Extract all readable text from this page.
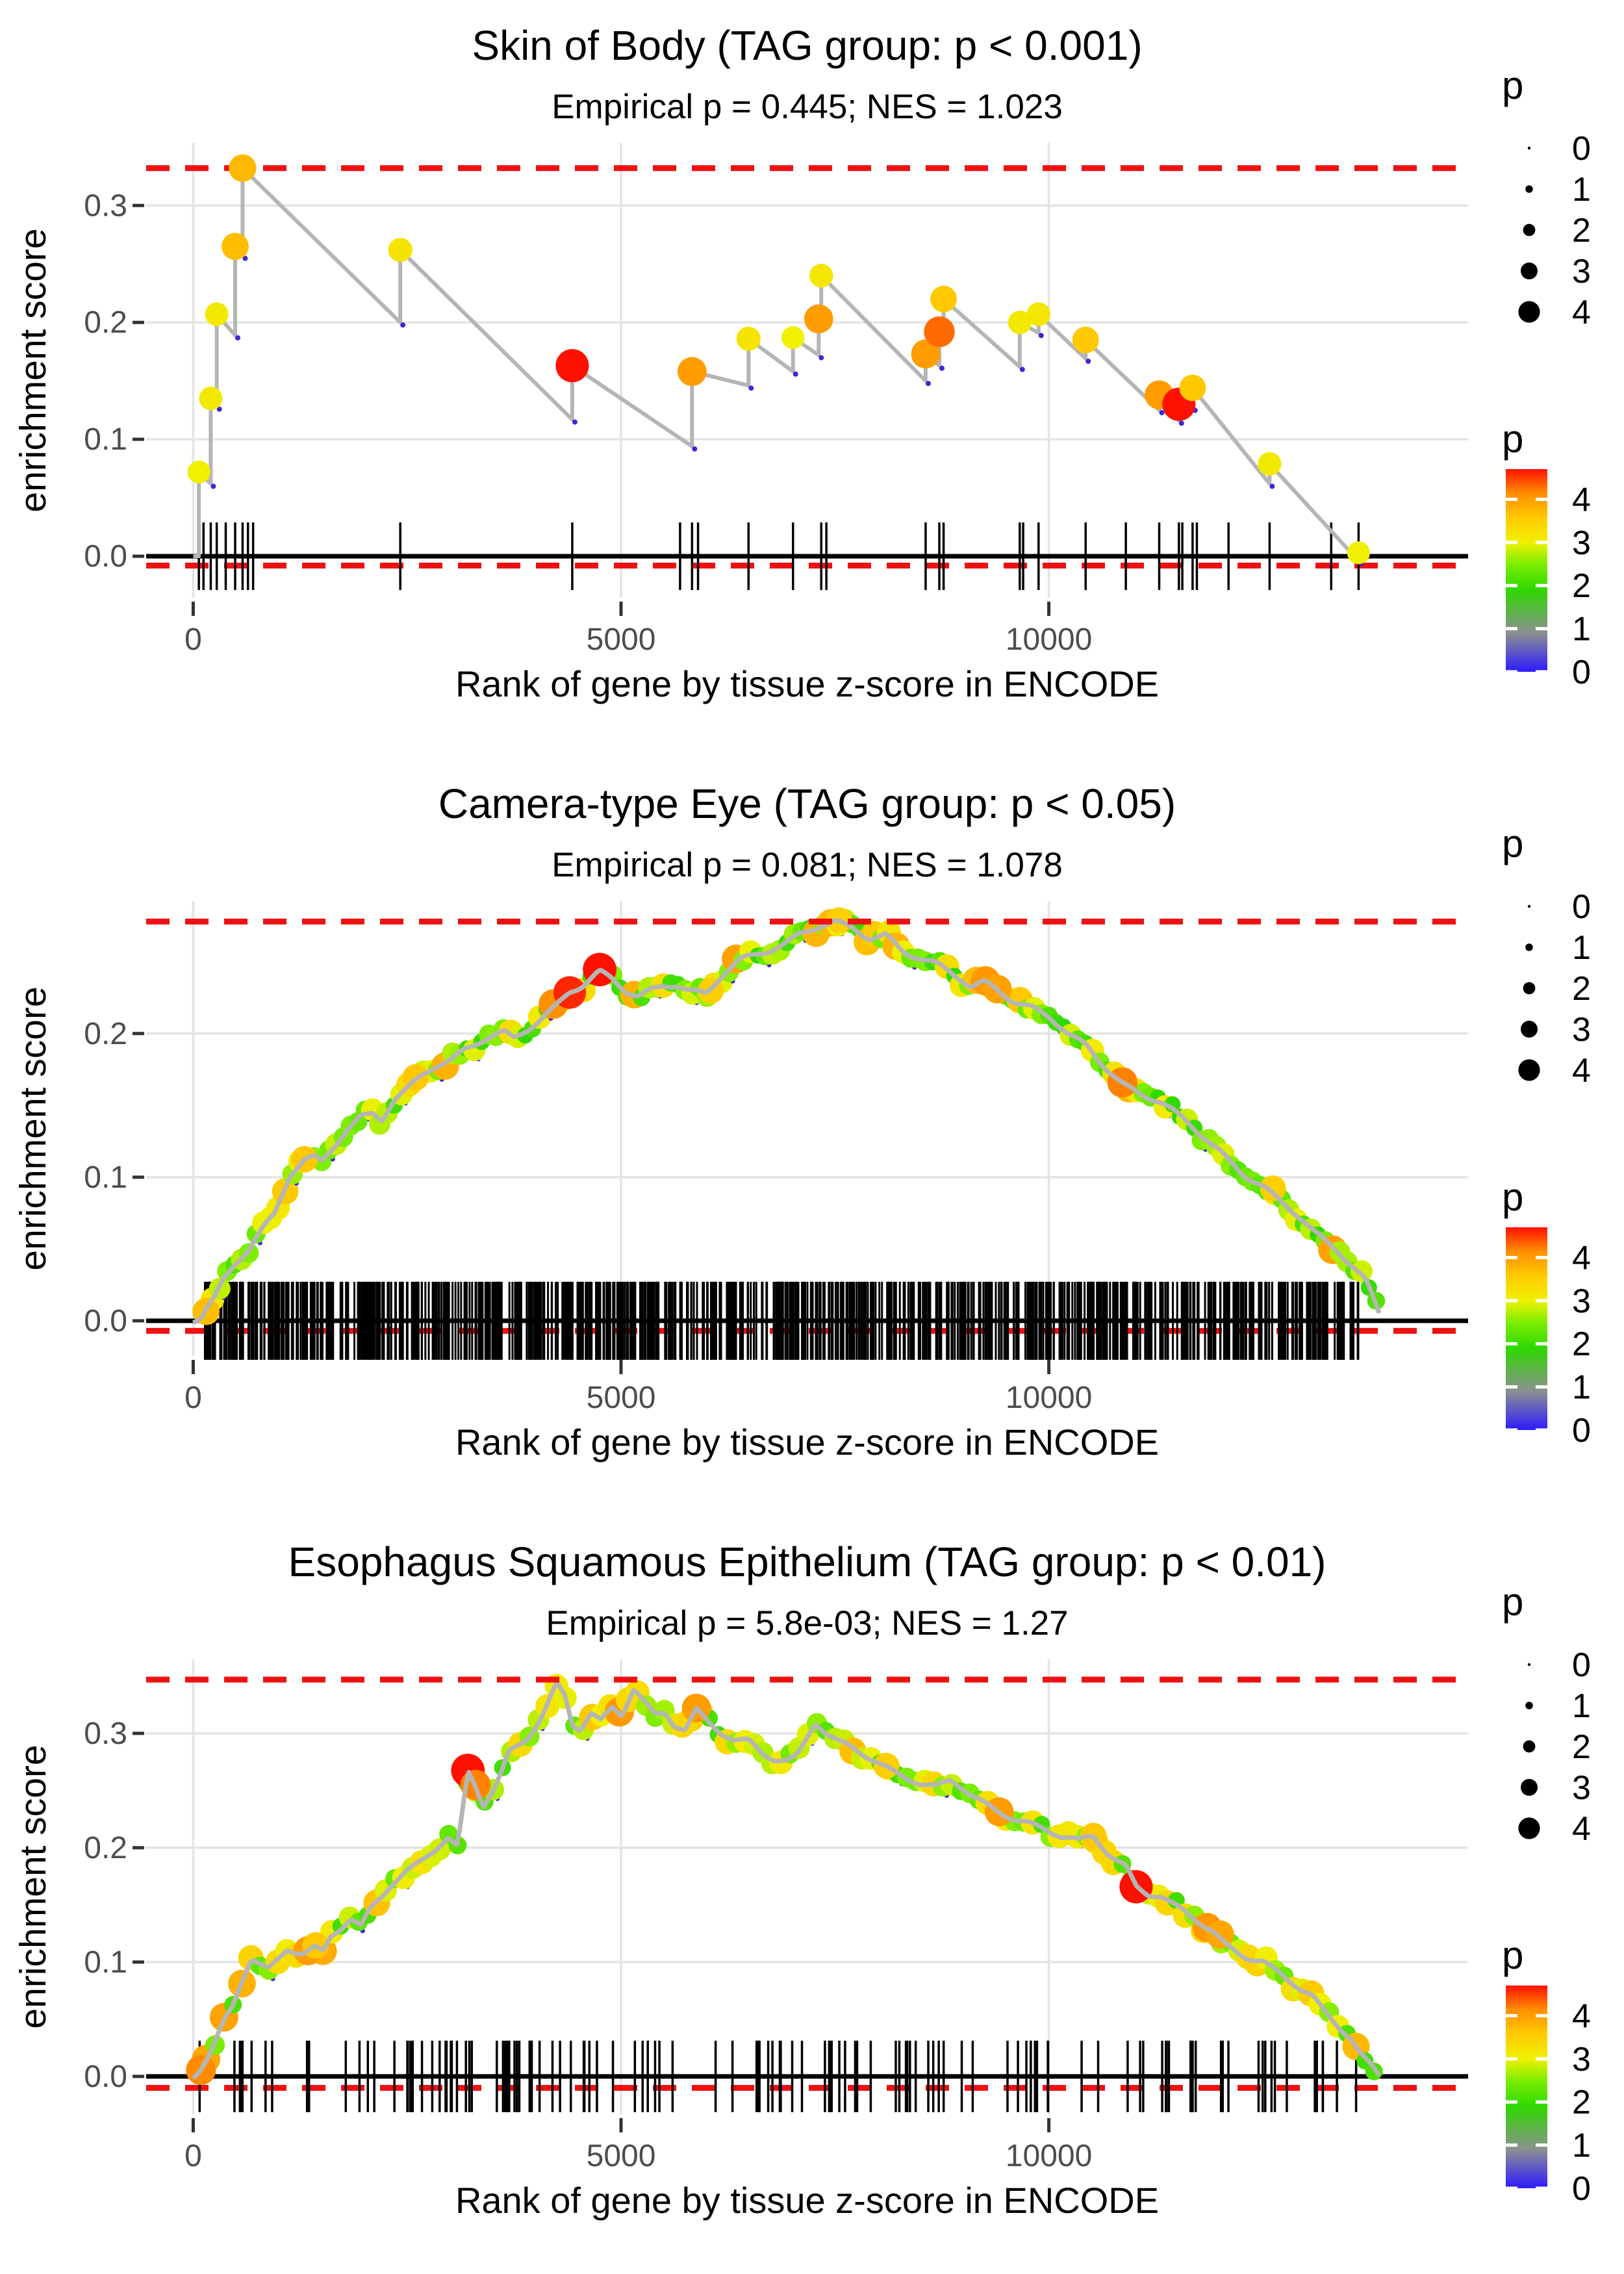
0.0
0.1
0.2
0.3
0	5000	10000
Skin of Body (TAG group: p < 0.001)
Empirical p = 0.445; NES = 1.023
Rank of gene by tissue z-score in ENCODE
enrichment score
p
0
1
2
3
4
p
4
3
2
1
0
0.0
0.1
0.2
0	5000	10000
Camera-type Eye (TAG group: p < 0.05)
Empirical p = 0.081; NES = 1.078
Rank of gene by tissue z-score in ENCODE
enrichment score
p
0
1
2
3
4
p
4
3
2
1
0
0.0
0.1
0.2
0.3
0	5000	10000
Esophagus Squamous Epithelium (TAG group: p < 0.01)
Empirical p = 5.8e-03; NES = 1.27
Rank of gene by tissue z-score in ENCODE
enrichment score
p
0
1
2
3
4
p
4
3
2
1
0
